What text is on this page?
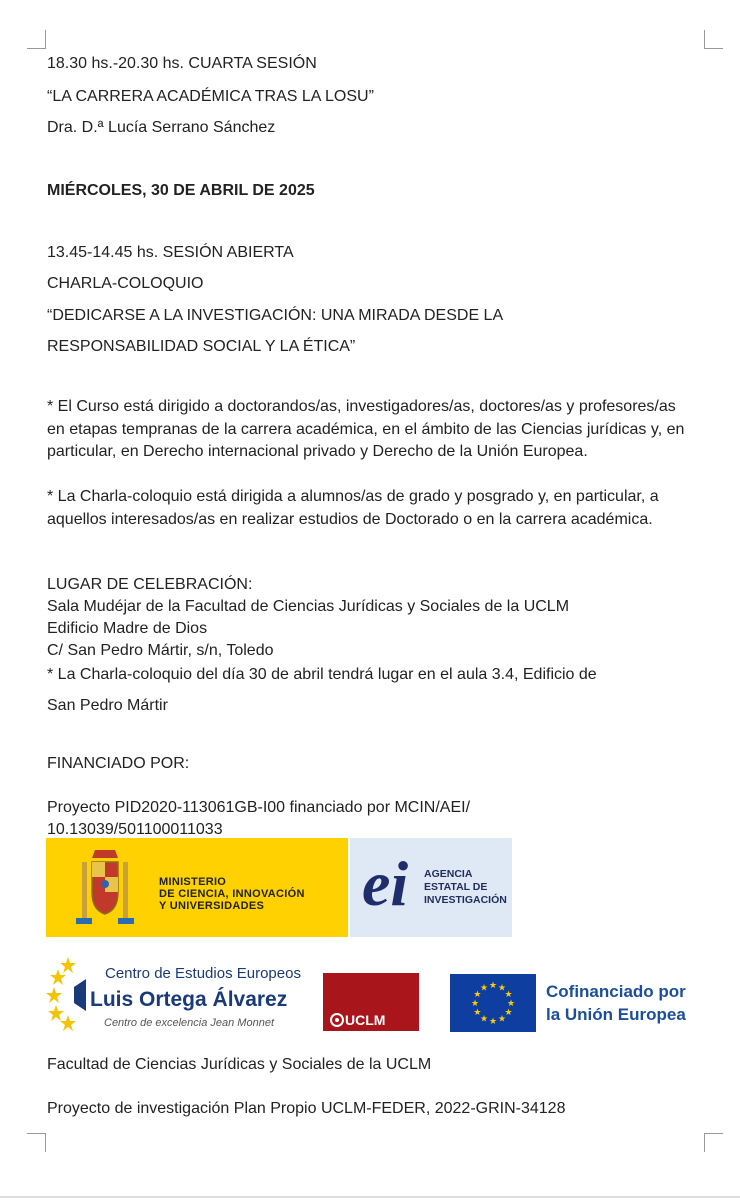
18.30 hs.-20.30 hs. CUARTA SESIÓN
“LA CARRERA ACADÉMICA TRAS LA LOSU”
Dra. D.ª Lucía Serrano Sánchez
MIÉRCOLES, 30 DE ABRIL DE 2025
13.45-14.45 hs. SESIÓN ABIERTA
CHARLA-COLOQUIO
“DEDICARSE A LA INVESTIGACIÓN: UNA MIRADA DESDE LA
RESPONSABILIDAD SOCIAL Y LA ÉTICA”
* El Curso está dirigido a doctorandos/as, investigadores/as, doctores/as y profesores/as en etapas tempranas de la carrera académica, en el ámbito de las Ciencias jurídicas y, en particular, en Derecho internacional privado y Derecho de la Unión Europea.
* La Charla-coloquio está dirigida a alumnos/as de grado y posgrado y, en particular, a aquellos interesados/as en realizar estudios de Doctorado o en la carrera académica.
LUGAR DE CELEBRACIÓN:
Sala Mudéjar de la Facultad de Ciencias Jurídicas y Sociales de la UCLM
Edificio Madre de Dios
C/ San Pedro Mártir, s/n, Toledo
* La Charla-coloquio del día 30 de abril tendrá lugar en el aula 3.4, Edificio de
San Pedro Mártir
FINANCIADO POR:
Proyecto PID2020-113061GB-I00 financiado por MCIN/AEI/
10.13039/501100011033
MINISTERIO
DE CIENCIA, INNOVACIÓN
Y UNIVERSIDADES	ei AGENCIA
ESTATAL DE
INVESTIGACIÓN
Centro de Estudios Europeos
Luis Ortega Álvarez
Centro de excelencia Jean Monnet	UCLM
★ ★
★
★
★
★
★
★
★
★
★
★	Cofinanciado por
la Unión Europea
Facultad de Ciencias Jurídicas y Sociales de la UCLM
Proyecto de investigación Plan Propio UCLM-FEDER, 2022-GRIN-34128
